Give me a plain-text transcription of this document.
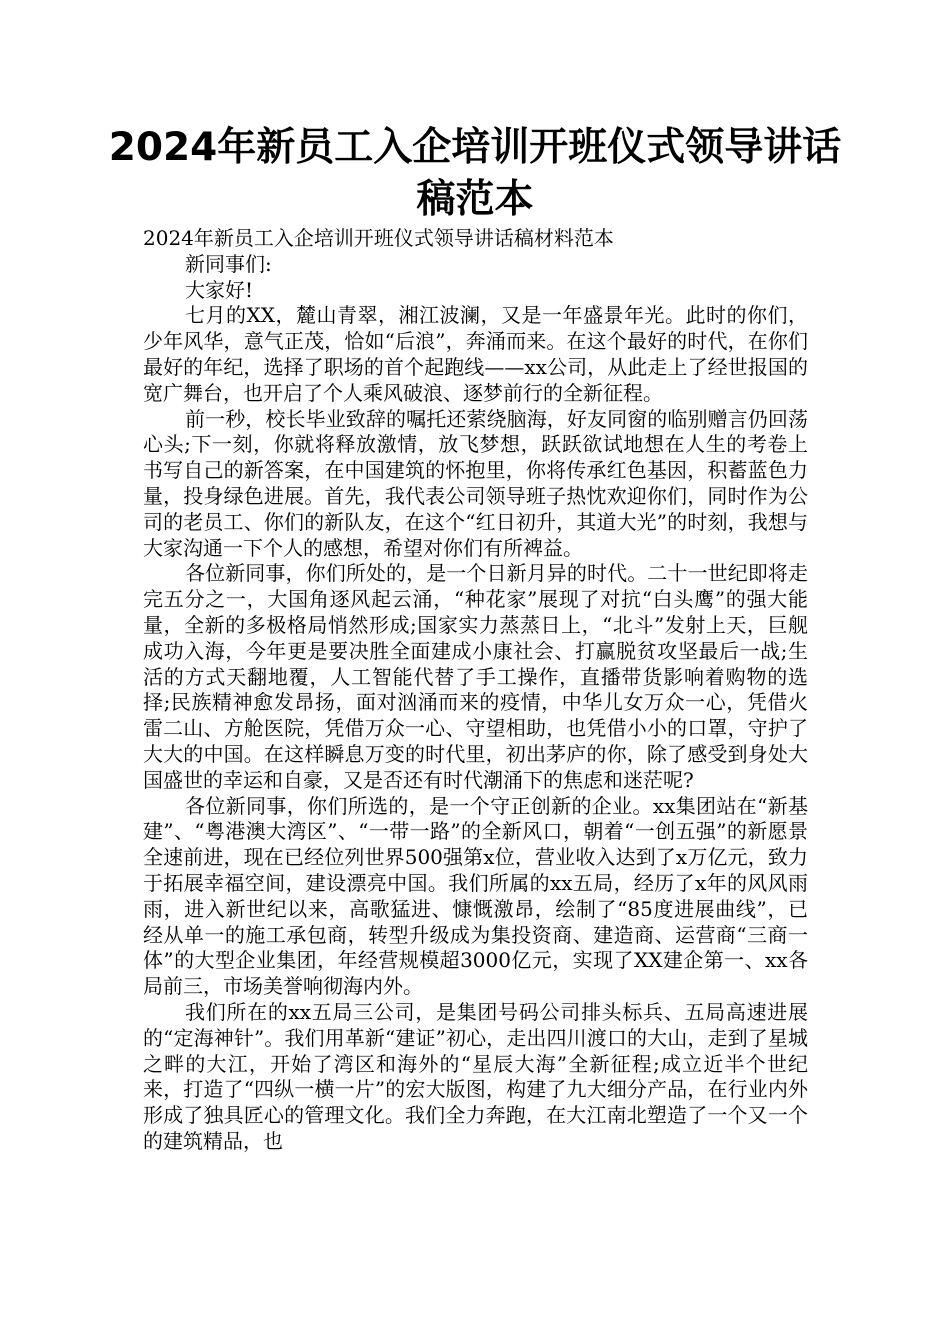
2024年新员工入企培训开班仪式领导讲话稿范本

2024年新员工入企培训开班仪式领导讲话稿材料范本

新同事们:

大家好!

七月的XX，麓山青翠，湘江波澜，又是一年盛景年光。此时的你们，少年风华，意气正茂，恰如“后浪”，奔涌而来。在这个最好的时代，在你们最好的年纪，选择了职场的首个起跑线——xx公司，从此走上了经世报国的宽广舞台，也开启了个人乘风破浪、逐梦前行的全新征程。

前一秒，校长毕业致辞的嘱托还萦绕脑海，好友同窗的临别赠言仍回荡心头;下一刻，你就将释放激情，放飞梦想，跃跃欲试地想在人生的考卷上书写自己的新答案，在中国建筑的怀抱里，你将传承红色基因，积蓄蓝色力量，投身绿色进展。首先，我代表公司领导班子热忱欢迎你们，同时作为公司的老员工、你们的新队友，在这个“红日初升，其道大光”的时刻，我想与大家沟通一下个人的感想，希望对你们有所裨益。

各位新同事，你们所处的，是一个日新月异的时代。二十一世纪即将走完五分之一，大国角逐风起云涌，“种花家”展现了对抗“白头鹰”的强大能量，全新的多极格局悄然形成;国家实力蒸蒸日上，“北斗”发射上天，巨舰成功入海，今年更是要决胜全面建成小康社会、打赢脱贫攻坚最后一战;生活的方式天翻地覆，人工智能代替了手工操作，直播带货影响着购物的选择;民族精神愈发昂扬，面对汹涌而来的疫情，中华儿女万众一心，凭借火雷二山、方舱医院，凭借万众一心、守望相助，也凭借小小的口罩，守护了大大的中国。在这样瞬息万变的时代里，初出茅庐的你，除了感受到身处大国盛世的幸运和自豪，又是否还有时代潮涌下的焦虑和迷茫呢?

各位新同事，你们所选的，是一个守正创新的企业。xx集团站在“新基建”、“粤港澳大湾区”、“一带一路”的全新风口，朝着“一创五强”的新愿景全速前进，现在已经位列世界500强第x位，营业收入达到了x万亿元，致力于拓展幸福空间，建设漂亮中国。我们所属的xx五局，经历了x年的风风雨雨，进入新世纪以来，高歌猛进、慷慨激昂，绘制了“85度进展曲线”，已经从单一的施工承包商，转型升级成为集投资商、建造商、运营商“三商一体”的大型企业集团，年经营规模超3000亿元，实现了XX建企第一、xx各局前三，市场美誉响彻海内外。

我们所在的xx五局三公司，是集团号码公司排头标兵、五局高速进展的“定海神针”。我们用革新“建证”初心，走出四川渡口的大山，走到了星城之畔的大江，开始了湾区和海外的“星辰大海”全新征程;成立近半个世纪来，打造了“四纵一横一片”的宏大版图，构建了九大细分产品，在行业内外形成了独具匠心的管理文化。我们全力奔跑，在大江南北塑造了一个又一个的建筑精品，也
